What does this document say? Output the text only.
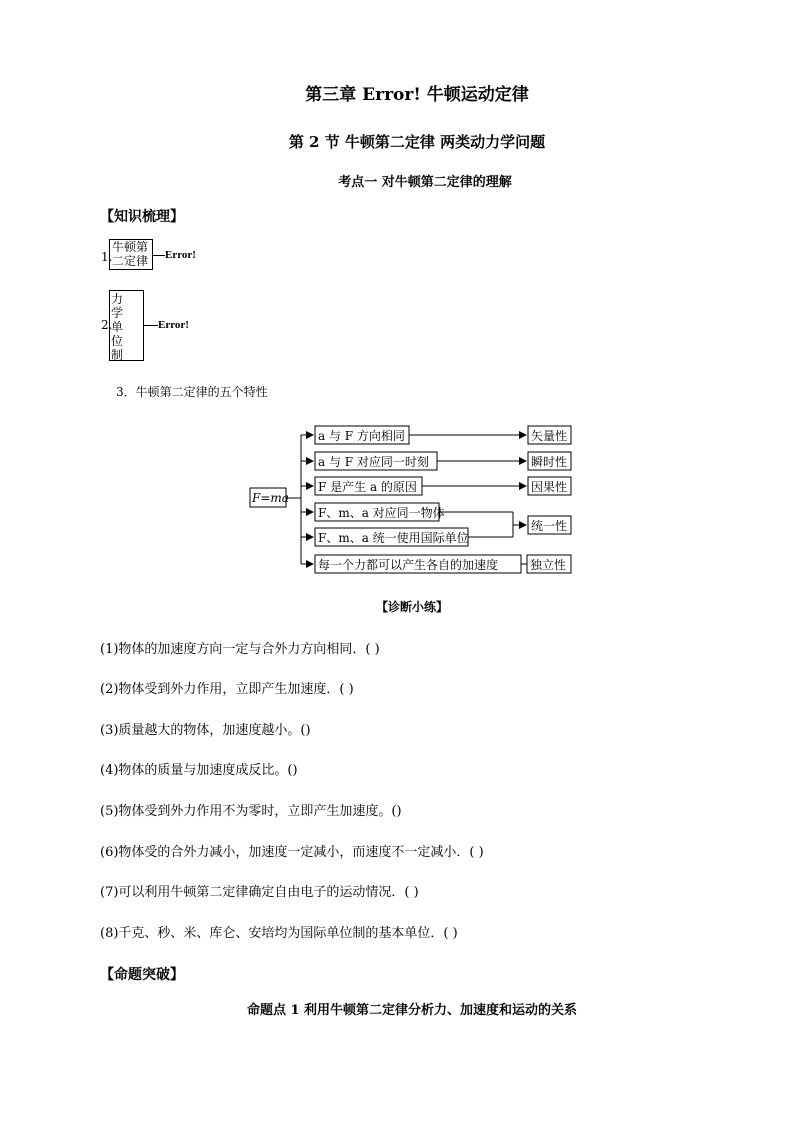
第三章 Error! 牛顿运动定律
第 2 节 牛顿第二定律 两类动力学问题
考点一 对牛顿第二定律的理解
【知识梳理】
1.
牛顿第
二定律 Error!
2.
力
学
单
位
制
Error!
3．牛顿第二定律的五个特性
F=ma
a 与 F 方向相同
a 与 F 对应同一时刻
F 是产生 a 的原因
F、m、a 对应同一物体
F、m、a 统一使用国际单位
每一个力都可以产生各自的加速度
矢量性
瞬时性
因果性
统一性
独立性
【诊断小练】
(1)物体的加速度方向一定与合外力方向相同．( )
(2)物体受到外力作用，立即产生加速度．( )
(3)质量越大的物体，加速度越小。()
(4)物体的质量与加速度成反比。()
(5)物体受到外力作用不为零时，立即产生加速度。()
(6)物体受的合外力减小，加速度一定减小，而速度不一定减小．( )
(7)可以利用牛顿第二定律确定自由电子的运动情况．( )
(8)千克、秒、米、库仑、安培均为国际单位制的基本单位．( )
【命题突破】
命题点 1 利用牛顿第二定律分析力、加速度和运动的关系
